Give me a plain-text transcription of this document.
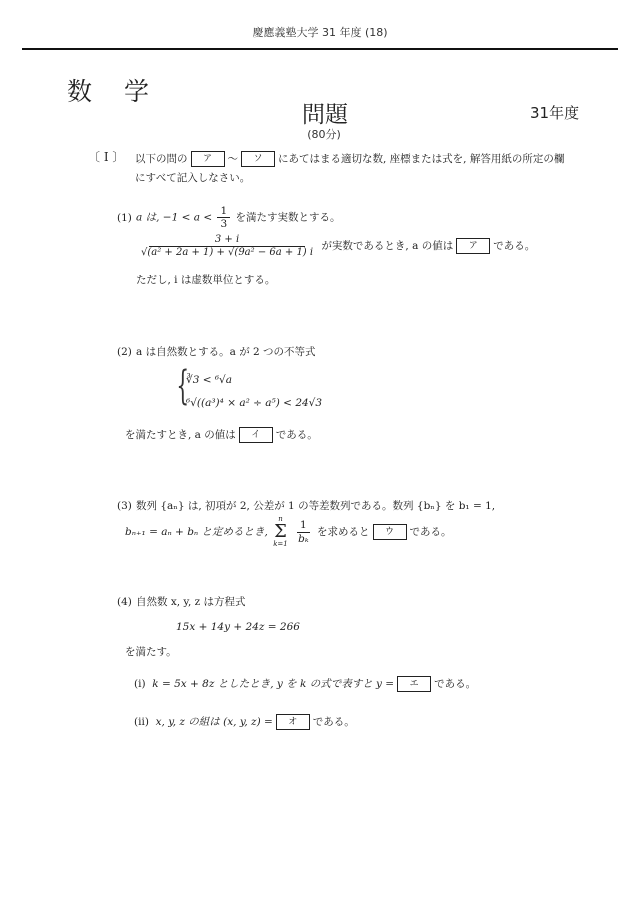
慶應義塾大学 31 年度 (18)
数 学
問題
(80分)
31年度
〔 I 〕 以下の問の ア 〜 ソ にあてはまる適切な数, 座標または式を, 解答用紙の所定の欄
にすべて記入しなさい。
(1) a は, $-1 < a < \frac{1}{3}$ を満たす実数とする。
$\frac{3 + i}{\text{√(a² + 2a + 1) + √(9a² − 6a + 1) i}}$ が実数であるとき, a の値は ア である。
ただし, i は虚数単位とする。
(2) a は自然数とする。a が 2 つの不等式
{
∛3 < ⁶√a
⁶√((a³)⁴ × a² ÷ a⁵) < 24√3
を満たすとき, a の値は イ である。
(3) 数列 {aₙ} は, 初項が 2, 公差が 1 の等差数列である。数列 {bₙ} を b₁ = 1,
bₙ₊₁ = aₙ + bₙ と定めるとき,
n
Σ
k=1
$\frac{1}{\text{bₖ}}$ を求めると ウ である。
(4) 自然数 x, y, z は方程式
15x + 14y + 24z = 266
を満たす。
(i) k = 5x + 8z としたとき, y を k の式で表すと y = エ である。
(ii) x, y, z の組は (x, y, z) = オ である。
